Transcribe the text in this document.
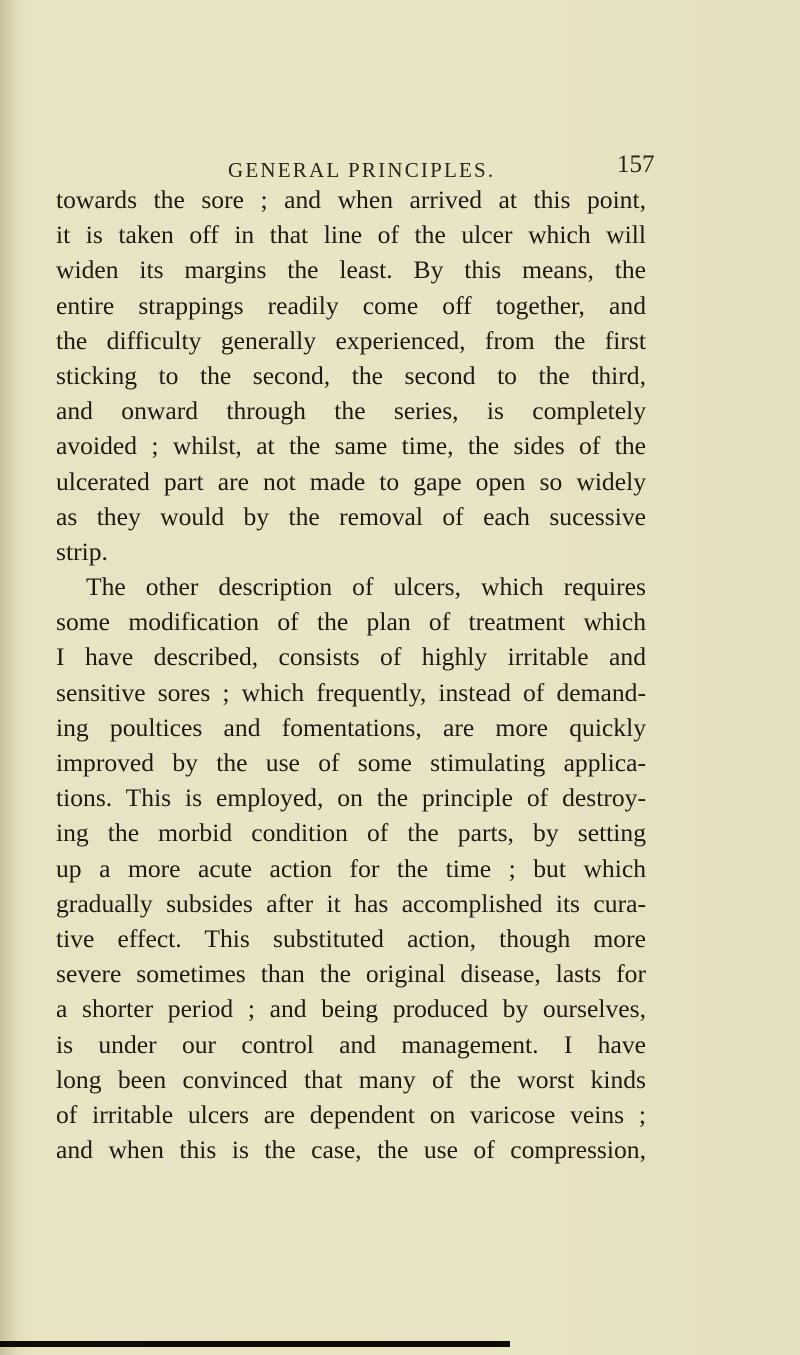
GENERAL PRINCIPLES.	157
towards the sore ; and when arrived at this point,
it is taken off in that line of the ulcer which will
widen its margins the least. By this means, the
entire strappings readily come off together, and
the difficulty generally experienced, from the first
sticking to the second, the second to the third,
and onward through the series, is completely
avoided ; whilst, at the same time, the sides of the
ulcerated part are not made to gape open so widely
as they would by the removal of each sucessive
strip.
The other description of ulcers, which requires
some modification of the plan of treatment which
I have described, consists of highly irritable and
sensitive sores ; which frequently, instead of demand-
ing poultices and fomentations, are more quickly
improved by the use of some stimulating applica-
tions. This is employed, on the principle of destroy-
ing the morbid condition of the parts, by setting
up a more acute action for the time ; but which
gradually subsides after it has accomplished its cura-
tive effect. This substituted action, though more
severe sometimes than the original disease, lasts for
a shorter period ; and being produced by ourselves,
is under our control and management. I have
long been convinced that many of the worst kinds
of irritable ulcers are dependent on varicose veins ;
and when this is the case, the use of compression,
